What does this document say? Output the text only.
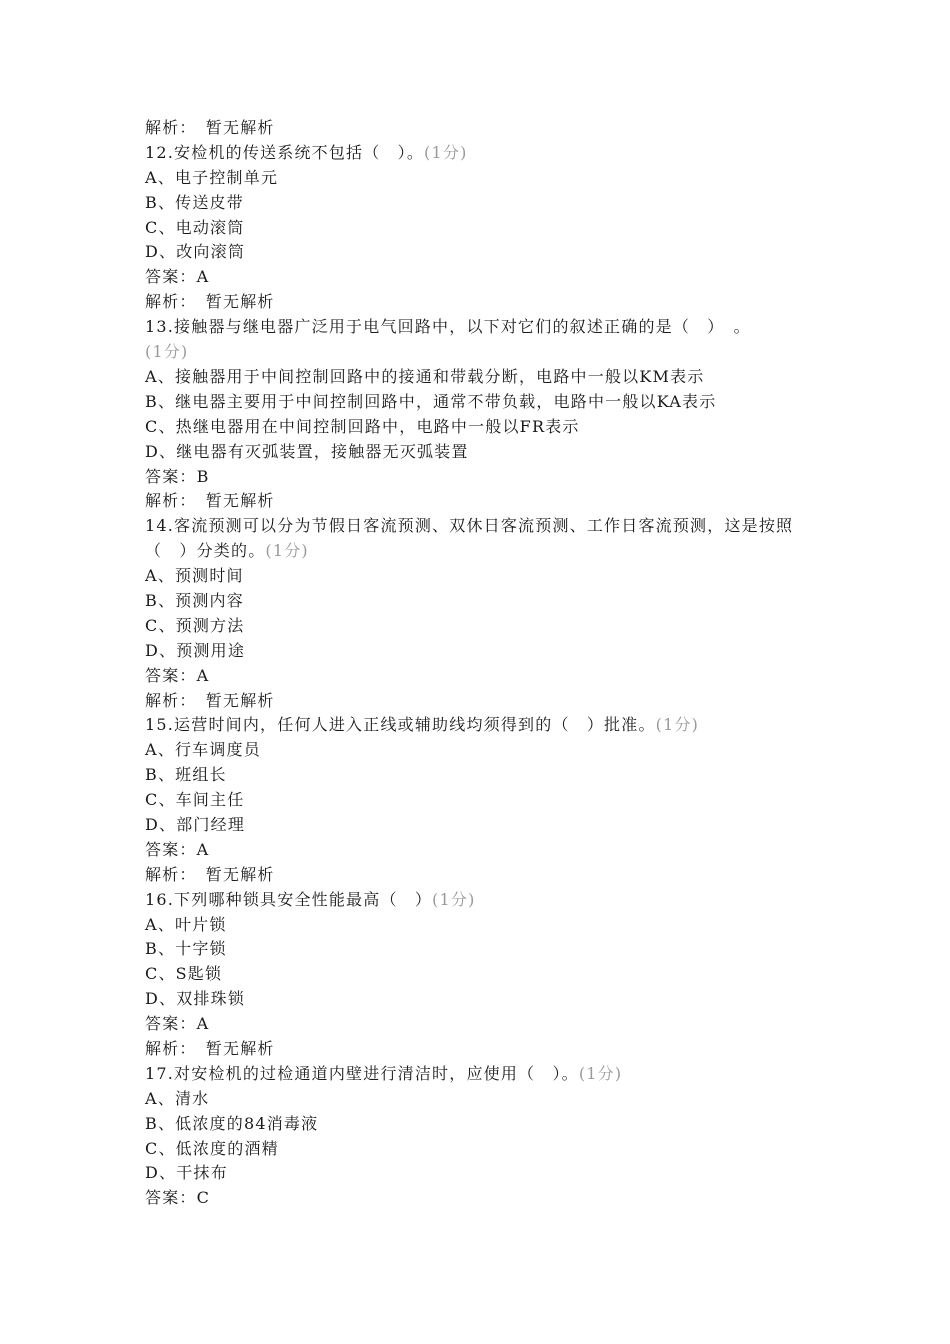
解析：　暂无解析
12.安检机的传送系统不包括（　）。(1分)
A、电子控制单元
B、传送皮带
C、电动滚筒
D、改向滚筒
答案：A
解析：　暂无解析
13.接触器与继电器广泛用于电气回路中，以下对它们的叙述正确的是（　）　。
(1分)
A、接触器用于中间控制回路中的接通和带载分断，电路中一般以KM表示
B、继电器主要用于中间控制回路中，通常不带负载，电路中一般以KA表示
C、热继电器用在中间控制回路中，电路中一般以FR表示
D、继电器有灭弧装置，接触器无灭弧装置
答案：B
解析：　暂无解析
14.客流预测可以分为节假日客流预测、双休日客流预测、工作日客流预测，这是按照（　）分类的。(1分)
A、预测时间
B、预测内容
C、预测方法
D、预测用途
答案：A
解析：　暂无解析
15.运营时间内，任何人进入正线或辅助线均须得到的（　）批准。(1分)
A、行车调度员
B、班组长
C、车间主任
D、部门经理
答案：A
解析：　暂无解析
16.下列哪种锁具安全性能最高（　）(1分)
A、叶片锁
B、十字锁
C、S匙锁
D、双排珠锁
答案：A
解析：　暂无解析
17.对安检机的过检通道内壁进行清洁时，应使用（　）。(1分)
A、清水
B、低浓度的84消毒液
C、低浓度的酒精
D、干抹布
答案：C
